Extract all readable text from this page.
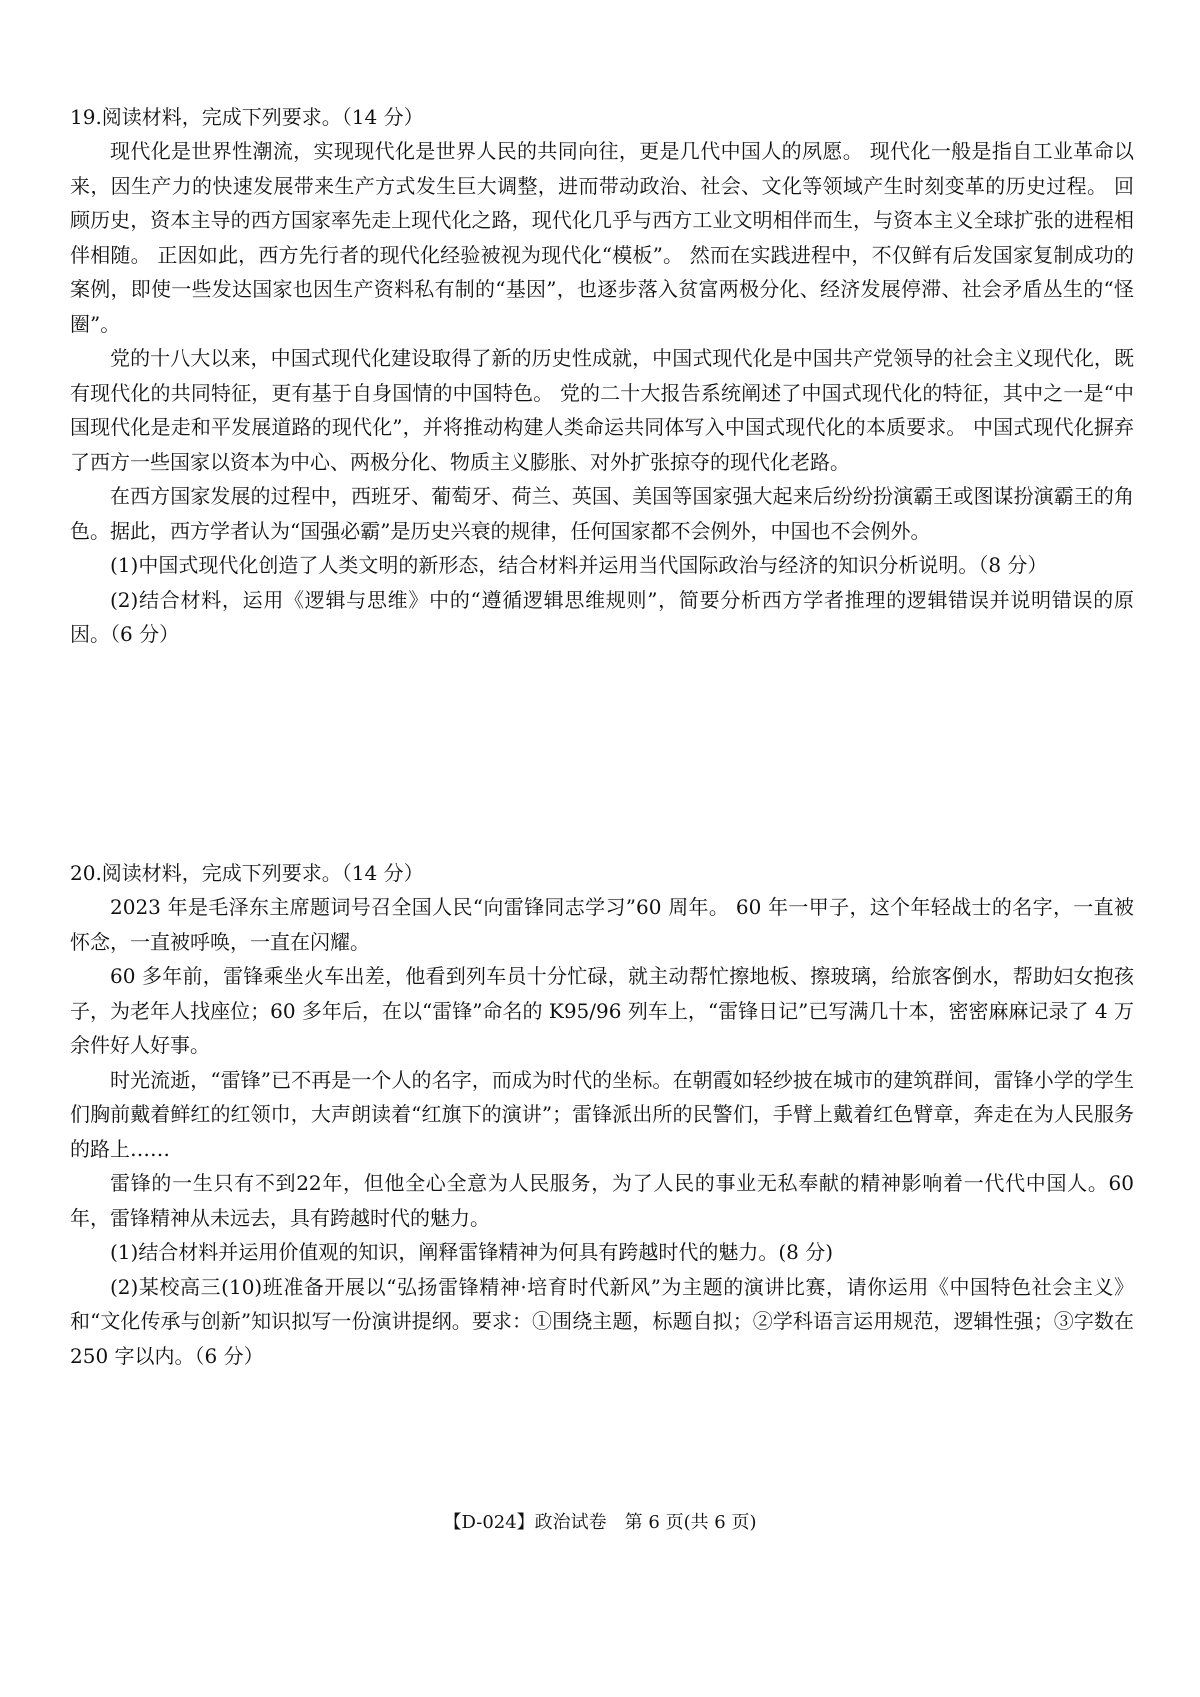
19.阅读材料，完成下列要求。（14 分）

现代化是世界性潮流，实现现代化是世界人民的共同向往，更是几代中国人的夙愿。 现代化一般是指自工业革命以来，因生产力的快速发展带来生产方式发生巨大调整，进而带动政治、社会、文化等领域产生时刻变革的历史过程。 回顾历史，资本主导的西方国家率先走上现代化之路，现代化几乎与西方工业文明相伴而生，与资本主义全球扩张的进程相伴相随。 正因如此，西方先行者的现代化经验被视为现代化“模板”。 然而在实践进程中，不仅鲜有后发国家复制成功的案例，即使一些发达国家也因生产资料私有制的“基因”，也逐步落入贫富两极分化、经济发展停滞、社会矛盾丛生的“怪圈”。

党的十八大以来，中国式现代化建设取得了新的历史性成就，中国式现代化是中国共产党领导的社会主义现代化，既有现代化的共同特征，更有基于自身国情的中国特色。 党的二十大报告系统阐述了中国式现代化的特征，其中之一是“中国现代化是走和平发展道路的现代化”，并将推动构建人类命运共同体写入中国式现代化的本质要求。 中国式现代化摒弃了西方一些国家以资本为中心、两极分化、物质主义膨胀、对外扩张掠夺的现代化老路。

在西方国家发展的过程中，西班牙、葡萄牙、荷兰、英国、美国等国家强大起来后纷纷扮演霸王或图谋扮演霸王的角色。据此，西方学者认为“国强必霸”是历史兴衰的规律，任何国家都不会例外，中国也不会例外。

(1)中国式现代化创造了人类文明的新形态，结合材料并运用当代国际政治与经济的知识分析说明。（8 分）

(2)结合材料，运用《逻辑与思维》中的“遵循逻辑思维规则”，简要分析西方学者推理的逻辑错误并说明错误的原因。（6 分）

20.阅读材料，完成下列要求。（14 分）

2023 年是毛泽东主席题词号召全国人民“向雷锋同志学习”60 周年。 60 年一甲子，这个年轻战士的名字，一直被怀念，一直被呼唤，一直在闪耀。

60 多年前，雷锋乘坐火车出差，他看到列车员十分忙碌，就主动帮忙擦地板、擦玻璃，给旅客倒水，帮助妇女抱孩子，为老年人找座位；60 多年后，在以“雷锋”命名的 K95/96 列车上，“雷锋日记”已写满几十本，密密麻麻记录了 4 万余件好人好事。

时光流逝，“雷锋”已不再是一个人的名字，而成为时代的坐标。在朝霞如轻纱披在城市的建筑群间，雷锋小学的学生们胸前戴着鲜红的红领巾，大声朗读着“红旗下的演讲”；雷锋派出所的民警们，手臂上戴着红色臂章，奔走在为人民服务的路上……

雷锋的一生只有不到22年，但他全心全意为人民服务，为了人民的事业无私奉献的精神影响着一代代中国人。60年，雷锋精神从未远去，具有跨越时代的魅力。

(1)结合材料并运用价值观的知识，阐释雷锋精神为何具有跨越时代的魅力。(8 分)

(2)某校高三(10)班准备开展以“弘扬雷锋精神·培育时代新风”为主题的演讲比赛，请你运用《中国特色社会主义》和“文化传承与创新”知识拟写一份演讲提纲。要求：①围绕主题，标题自拟；②学科语言运用规范，逻辑性强；③字数在 250 字以内。（6 分）

【D-024】政治试卷　第 6 页(共 6 页)
